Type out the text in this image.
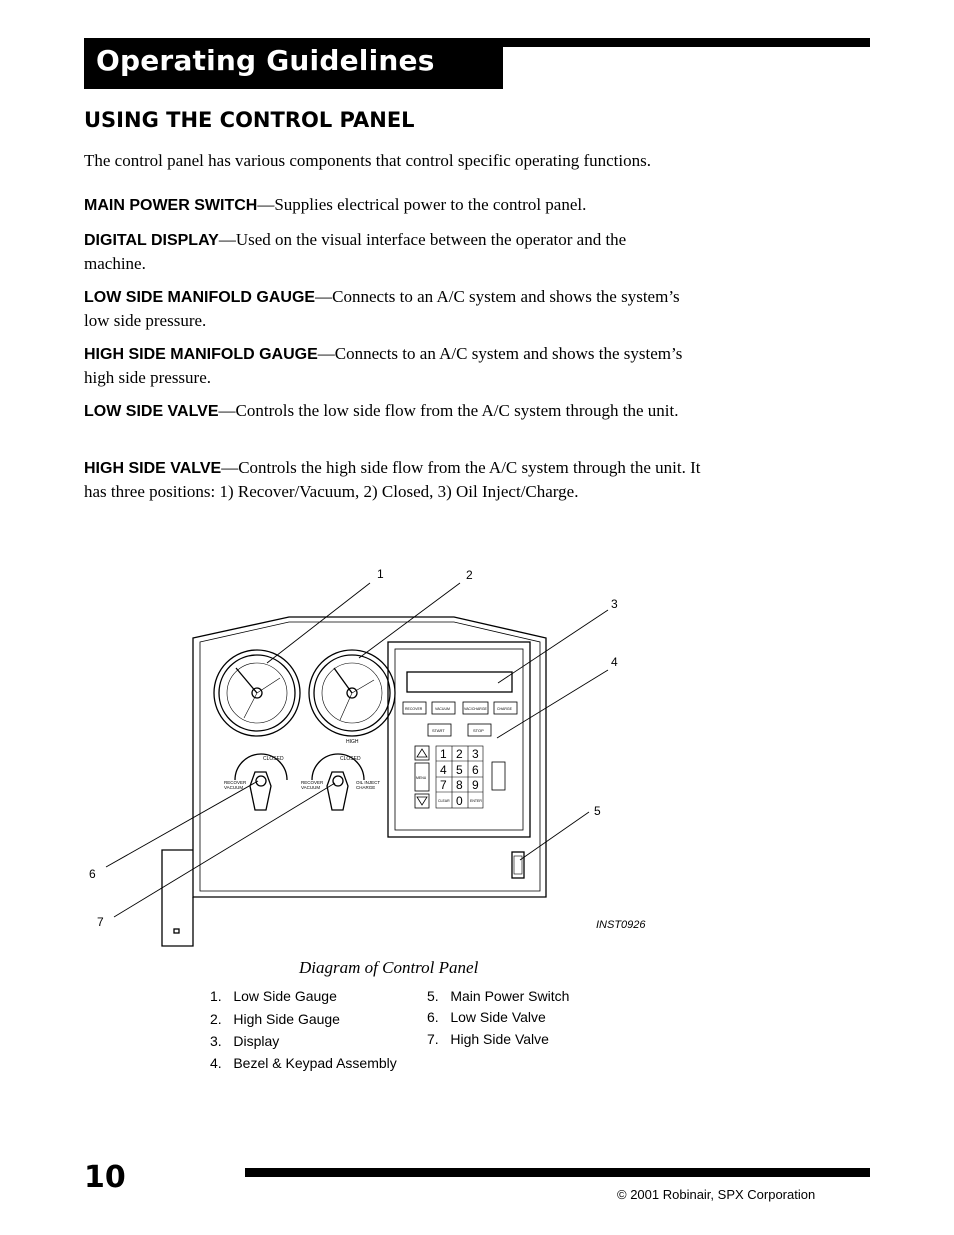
Operating Guidelines
USING THE CONTROL PANEL
The control panel has various components that control specific operating functions.
MAIN POWER SWITCH—Supplies electrical power to the control panel.
DIGITAL DISPLAY—Used on the visual interface between the operator and the machine.
LOW SIDE MANIFOLD GAUGE—Connects to an A/C system and shows the system’s low side pressure.
HIGH SIDE MANIFOLD GAUGE—Connects to an A/C system and shows the system’s high side pressure.
LOW SIDE VALVE—Controls the low side flow from the A/C system through the unit.
HIGH SIDE VALVE—Controls the high side flow from the A/C system through the unit. It has three positions: 1) Recover/Vacuum, 2) Closed, 3) Oil Inject/Charge.
CLOSED
RECOVER VACUUM
CLOSED
RECOVER VACUUM
OIL INJECT CHARGE
HIGH
RECOVER	VACUUM	VAC/CHARGE	CHARGE
START	STOP
MENU
1 2 3
4 5 6
7 8 9
CLEAR 0 ENTER
1	2
3
4
5
6
7	INST0926
Diagram of Control Panel
1.   Low Side Gauge
2.   High Side Gauge
3.   Display
4.   Bezel & Keypad Assembly
5.   Main Power Switch
6.   Low Side Valve
7.   High Side Valve
10	© 2001 Robinair, SPX Corporation
